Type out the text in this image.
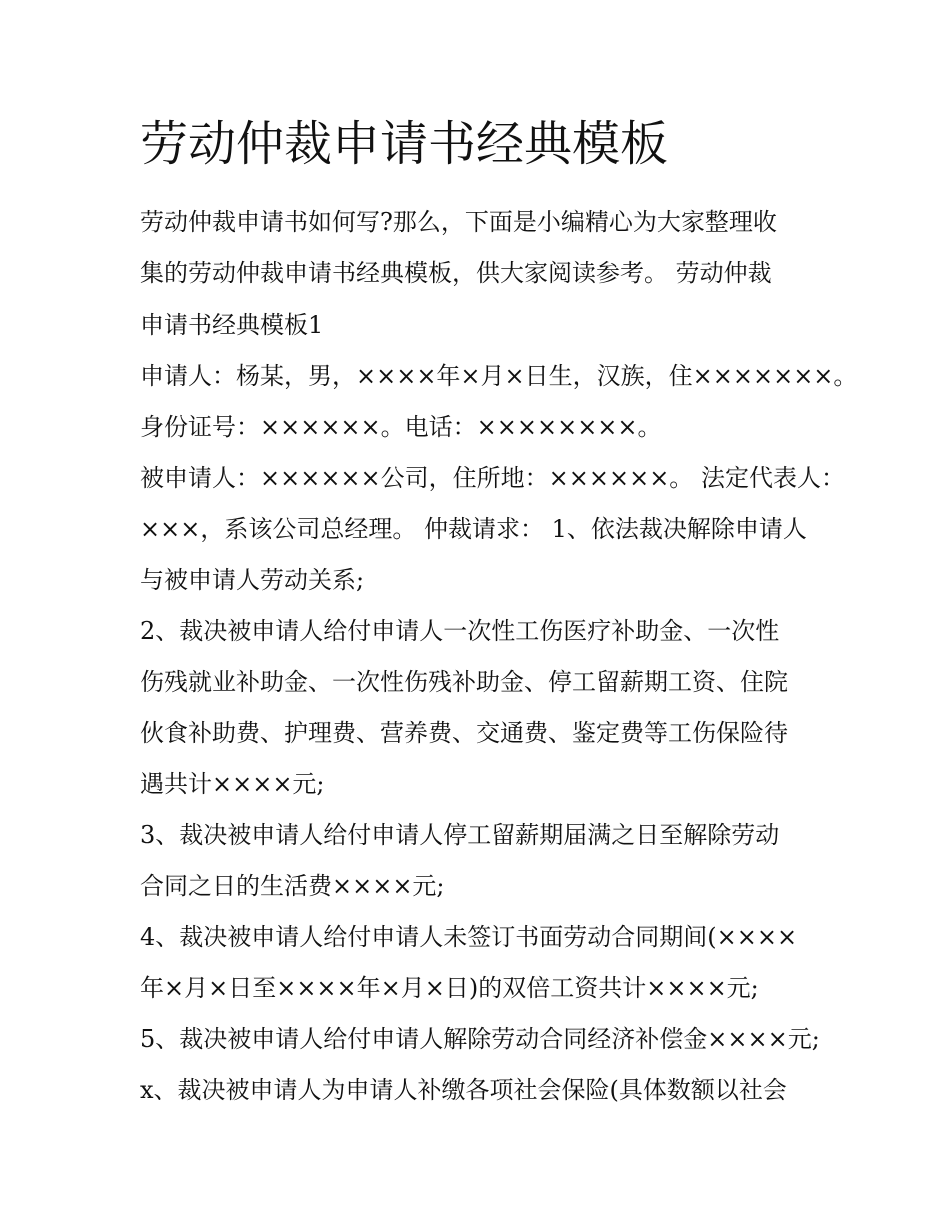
劳动仲裁申请书经典模板

劳动仲裁申请书如何写?那么，下面是小编精心为大家整理收

集的劳动仲裁申请书经典模板，供大家阅读参考。 劳动仲裁

申请书经典模板1

申请人：杨某，男，××××年×月×日生，汉族，住×××××××。

身份证号：××××××。电话：××××××××。

被申请人：××××××公司，住所地：××××××。 法定代表人：

×××，系该公司总经理。 仲裁请求： 1、依法裁决解除申请人

与被申请人劳动关系;

2、裁决被申请人给付申请人一次性工伤医疗补助金、一次性

伤残就业补助金、一次性伤残补助金、停工留薪期工资、住院

伙食补助费、护理费、营养费、交通费、鉴定费等工伤保险待

遇共计××××元;

3、裁决被申请人给付申请人停工留薪期届满之日至解除劳动

合同之日的生活费××××元;

4、裁决被申请人给付申请人未签订书面劳动合同期间(××××

年×月×日至××××年×月×日)的双倍工资共计××××元;

5、裁决被申请人给付申请人解除劳动合同经济补偿金××××元;

x、裁决被申请人为申请人补缴各项社会保险(具体数额以社会
